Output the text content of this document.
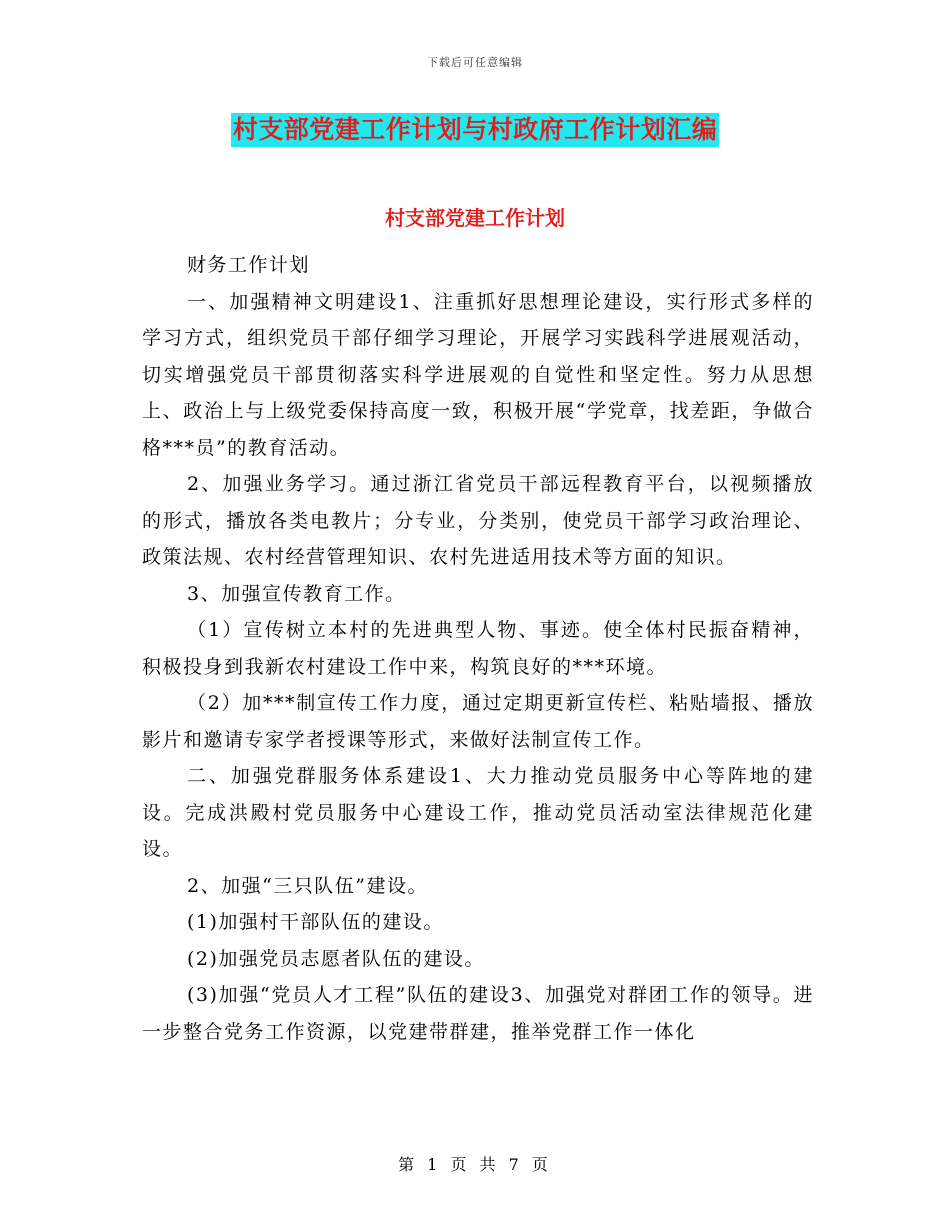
下载后可任意编辑
村支部党建工作计划与村政府工作计划汇编
村支部党建工作计划

财务工作计划

一、加强精神文明建设1、注重抓好思想理论建设，实行形式多样的学习方式，组织党员干部仔细学习理论，开展学习实践科学进展观活动，切实增强党员干部贯彻落实科学进展观的自觉性和坚定性。努力从思想上、政治上与上级党委保持高度一致，积极开展“学党章，找差距，争做合格***员”的教育活动。

2、加强业务学习。通过浙江省党员干部远程教育平台，以视频播放的形式，播放各类电教片；分专业，分类别，使党员干部学习政治理论、政策法规、农村经营管理知识、农村先进适用技术等方面的知识。

3、加强宣传教育工作。

（1）宣传树立本村的先进典型人物、事迹。使全体村民振奋精神，积极投身到我新农村建设工作中来，构筑良好的***环境。

（2）加***制宣传工作力度，通过定期更新宣传栏、粘贴墙报、播放影片和邀请专家学者授课等形式，来做好法制宣传工作。

二、加强党群服务体系建设1、大力推动党员服务中心等阵地的建设。完成洪殿村党员服务中心建设工作，推动党员活动室法律规范化建设。

2、加强“三只队伍”建设。

(1)加强村干部队伍的建设。

(2)加强党员志愿者队伍的建设。

(3)加强“党员人才工程”队伍的建设3、加强党对群团工作的领导。进一步整合党务工作资源，以党建带群建，推举党群工作一体化

第 1 页 共 7 页
